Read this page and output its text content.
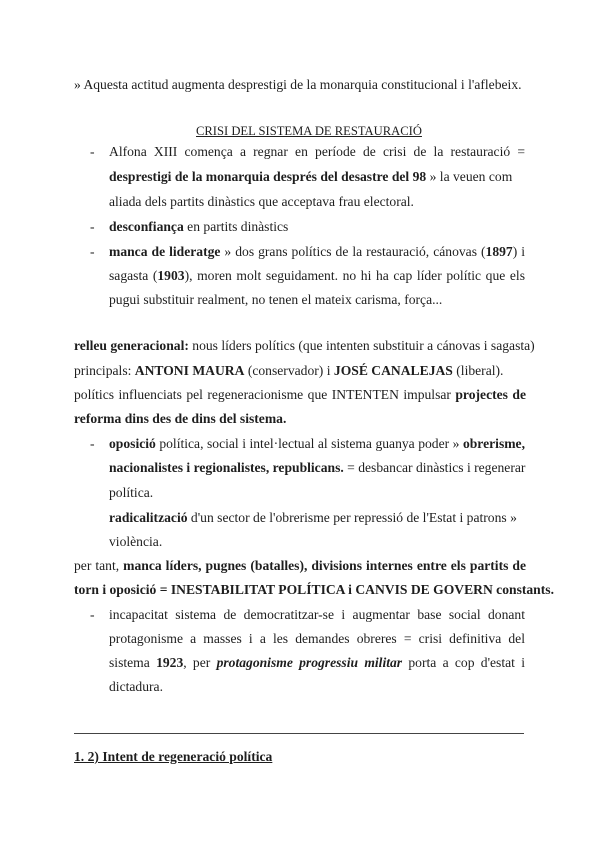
» Aquesta actitud augmenta desprestigi de la monarquia constitucional i l'aflebeix.
CRISI DEL SISTEMA DE RESTAURACIÓ
- Alfona XIII comença a regnar en període de crisi de la restauració =
desprestigi de la monarquia després del desastre del 98 » la veuen com
aliada dels partits dinàstics que acceptava frau electoral.
- desconfiança en partits dinàstics
- manca de lideratge » dos grans polítics de la restauració, cánovas (1897) i
sagasta (1903), moren molt seguidament. no hi ha cap líder polític que els
pugui substituir realment, no tenen el mateix carisma, força...
relleu generacional: nous líders polítics (que intenten substituir a cánovas i sagasta)
principals: ANTONI MAURA (conservador) i JOSÉ CANALEJAS (liberal).
polítics influenciats pel regeneracionisme que INTENTEN impulsar projectes de
reforma dins des de dins del sistema.
- oposició política, social i intel·lectual al sistema guanya poder » obrerisme,
nacionalistes i regionalistes, republicans. = desbancar dinàstics i regenerar
política.
radicalització d'un sector de l'obrerisme per repressió de l'Estat i patrons »
violència.
per tant, manca líders, pugnes (batalles), divisions internes entre els partits de
torn i oposició = INESTABILITAT POLÍTICA i CANVIS DE GOVERN constants.
- incapacitat sistema de democratitzar-se i augmentar base social donant
protagonisme a masses i a les demandes obreres = crisi definitiva del
sistema 1923, per protagonisme progressiu militar porta a cop d'estat i
dictadura.
1. 2) Intent de regeneració política
